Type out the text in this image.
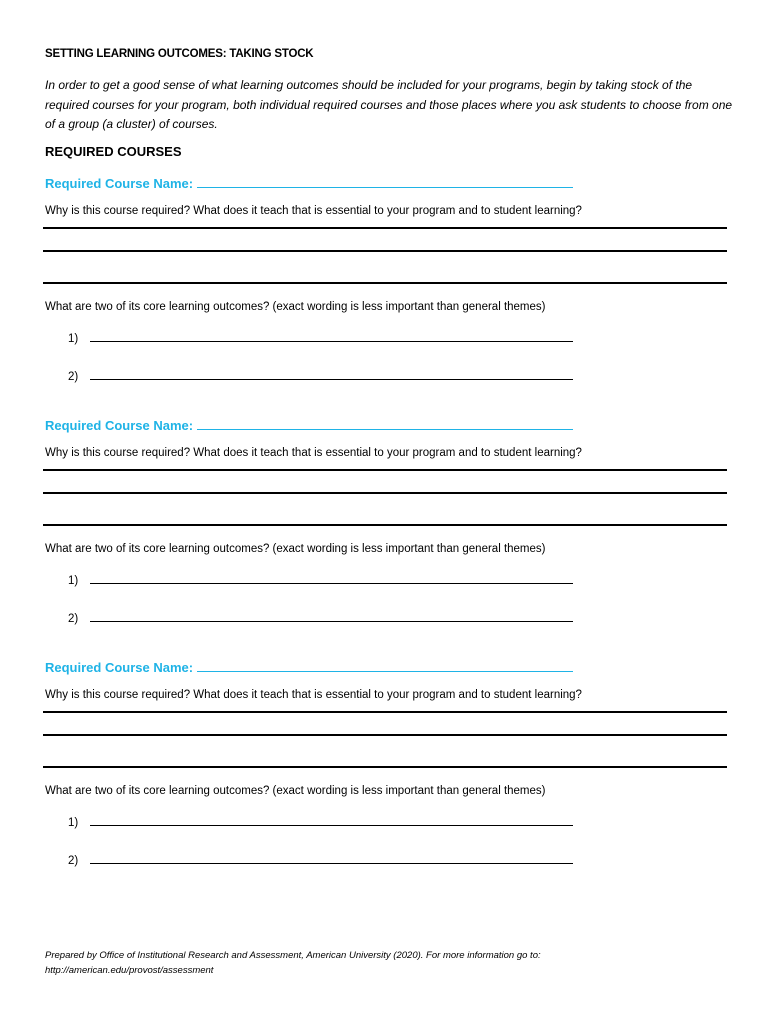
SETTING LEARNING OUTCOMES: TAKING STOCK
In order to get a good sense of what learning outcomes should be included for your programs, begin by taking stock of the required courses for your program, both individual required courses and those places where you ask students to choose from one of a group (a cluster) of courses.
REQUIRED COURSES
Required Course Name:
Why is this course required? What does it teach that is essential to your program and to student learning?
What are two of its core learning outcomes? (exact wording is less important than general themes)
1)
2)
Required Course Name:
Why is this course required? What does it teach that is essential to your program and to student learning?
What are two of its core learning outcomes? (exact wording is less important than general themes)
1)
2)
Required Course Name:
Why is this course required? What does it teach that is essential to your program and to student learning?
What are two of its core learning outcomes? (exact wording is less important than general themes)
1)
2)
Prepared by Office of Institutional Research and Assessment, American University (2020). For more information go to:
http://american.edu/provost/assessment
